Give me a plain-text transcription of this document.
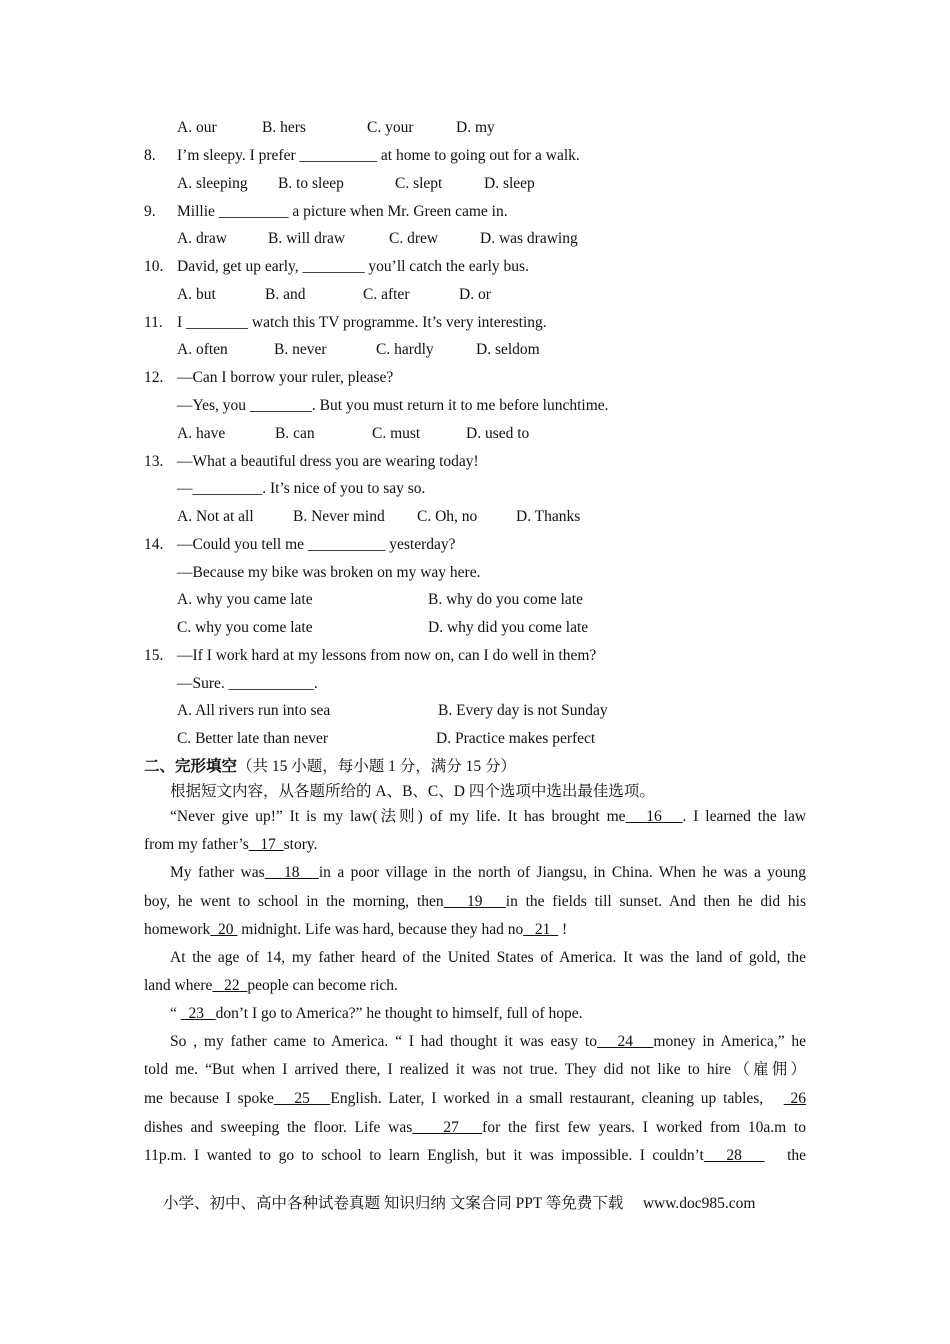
A. our	B. hers	C. your	D. my
8. I’m sleepy. I prefer __________ at home to going out for a walk.
A. sleeping B. to sleep	C. slept	D. sleep
9. Millie _________ a picture when Mr. Green came in.
A. draw	B. will draw	C. drew	D. was drawing
10. David, get up early, ________ you’ll catch the early bus.
A. but	B. and	C. after	D. or
11. I ________ watch this TV programme. It’s very interesting.
A. often	B. never	C. hardly	D. seldom
12. —Can I borrow your ruler, please?
—Yes, you ________. But you must return it to me before lunchtime.
A. have	B. can	C. must	D. used to
13. —What a beautiful dress you are wearing today!
—_________. It’s nice of you to say so.
A. Not at all	B. Never mind C. Oh, no D. Thanks
14. —Could you tell me __________ yesterday?
—Because my bike was broken on my way here.
A. why you came late	B. why do you come late
C. why you come late	D. why did you come late
15. —If I work hard at my lessons from now on, can I do well in them?
—Sure. ___________.
A. All rivers run into sea	B. Every day is not Sunday
C. Better late than never	D. Practice makes perfect
二、完形填空（共 15 小题，每小题 1 分，满分 15 分）
根据短文内容，从各题所给的 A、B、C、D 四个选项中选出最佳选项。
“Never give up!” It is my law(法则) of my life. It has brought me 16 . I learned the law
from my father’s 17 story.
My father was 18 in a poor village in the north of Jiangsu, in China. When he was a young
boy, he went to school in the morning, then 19 in the fields till sunset. And then he did his
homework 20 midnight. Life was hard, because they had no 21 !
At the age of 14, my father heard of the United States of America. It was the land of gold, the
land where 22 people can become rich.
“ 23 don’t I go to America?” he thought to himself, full of hope.
So , my father came to America. “ I had thought it was easy to 24 money in America,” he
told me. “But when I arrived there, I realized it was not true. They did not like to hire（雇佣）
me because I spoke 25 English. Later, I worked in a small restaurant, cleaning up tables, 26
dishes and sweeping the floor. Life was 27 for the first few years. I worked from 10a.m to
11p.m. I wanted to go to school to learn English, but it was impossible. I couldn’t 28	the
小学、初中、高中各种试卷真题 知识归纳 文案合同 PPT 等免费下载 www.doc985.com
